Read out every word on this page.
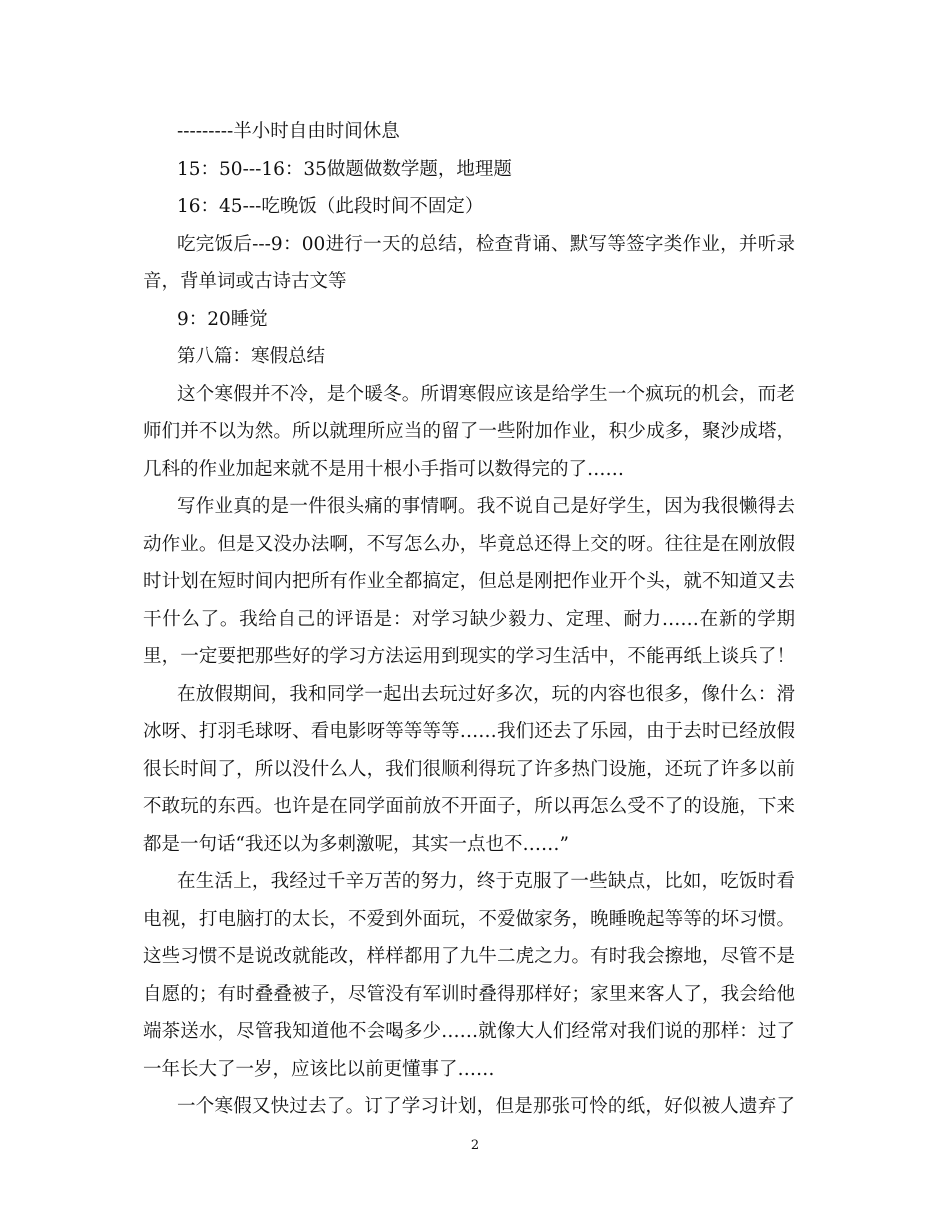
---------半小时自由时间休息
15：50---16：35做题做数学题，地理题
16：45---吃晚饭（此段时间不固定）
吃完饭后---9：00进行一天的总结，检查背诵、默写等签字类作业，并听录
音，背单词或古诗古文等
9：20睡觉
第八篇：寒假总结
这个寒假并不冷，是个暖冬。所谓寒假应该是给学生一个疯玩的机会，而老
师们并不以为然。所以就理所应当的留了一些附加作业，积少成多，聚沙成塔，
几科的作业加起来就不是用十根小手指可以数得完的了……
写作业真的是一件很头痛的事情啊。我不说自己是好学生，因为我很懒得去
动作业。但是又没办法啊，不写怎么办，毕竟总还得上交的呀。往往是在刚放假
时计划在短时间内把所有作业全都搞定，但总是刚把作业开个头，就不知道又去
干什么了。我给自己的评语是：对学习缺少毅力、定理、耐力……在新的学期
里，一定要把那些好的学习方法运用到现实的学习生活中，不能再纸上谈兵了！
在放假期间，我和同学一起出去玩过好多次，玩的内容也很多，像什么：滑
冰呀、打羽毛球呀、看电影呀等等等等……我们还去了乐园，由于去时已经放假
很长时间了，所以没什么人，我们很顺利得玩了许多热门设施，还玩了许多以前
不敢玩的东西。也许是在同学面前放不开面子，所以再怎么受不了的设施，下来
都是一句话“我还以为多刺激呢，其实一点也不……”
在生活上，我经过千辛万苦的努力，终于克服了一些缺点，比如，吃饭时看
电视，打电脑打的太长，不爱到外面玩，不爱做家务，晚睡晚起等等的坏习惯。
这些习惯不是说改就能改，样样都用了九牛二虎之力。有时我会擦地，尽管不是
自愿的；有时叠叠被子，尽管没有军训时叠得那样好；家里来客人了，我会给他
端茶送水，尽管我知道他不会喝多少……就像大人们经常对我们说的那样：过了
一年长大了一岁，应该比以前更懂事了……
一个寒假又快过去了。订了学习计划，但是那张可怜的纸，好似被人遗弃了
2
